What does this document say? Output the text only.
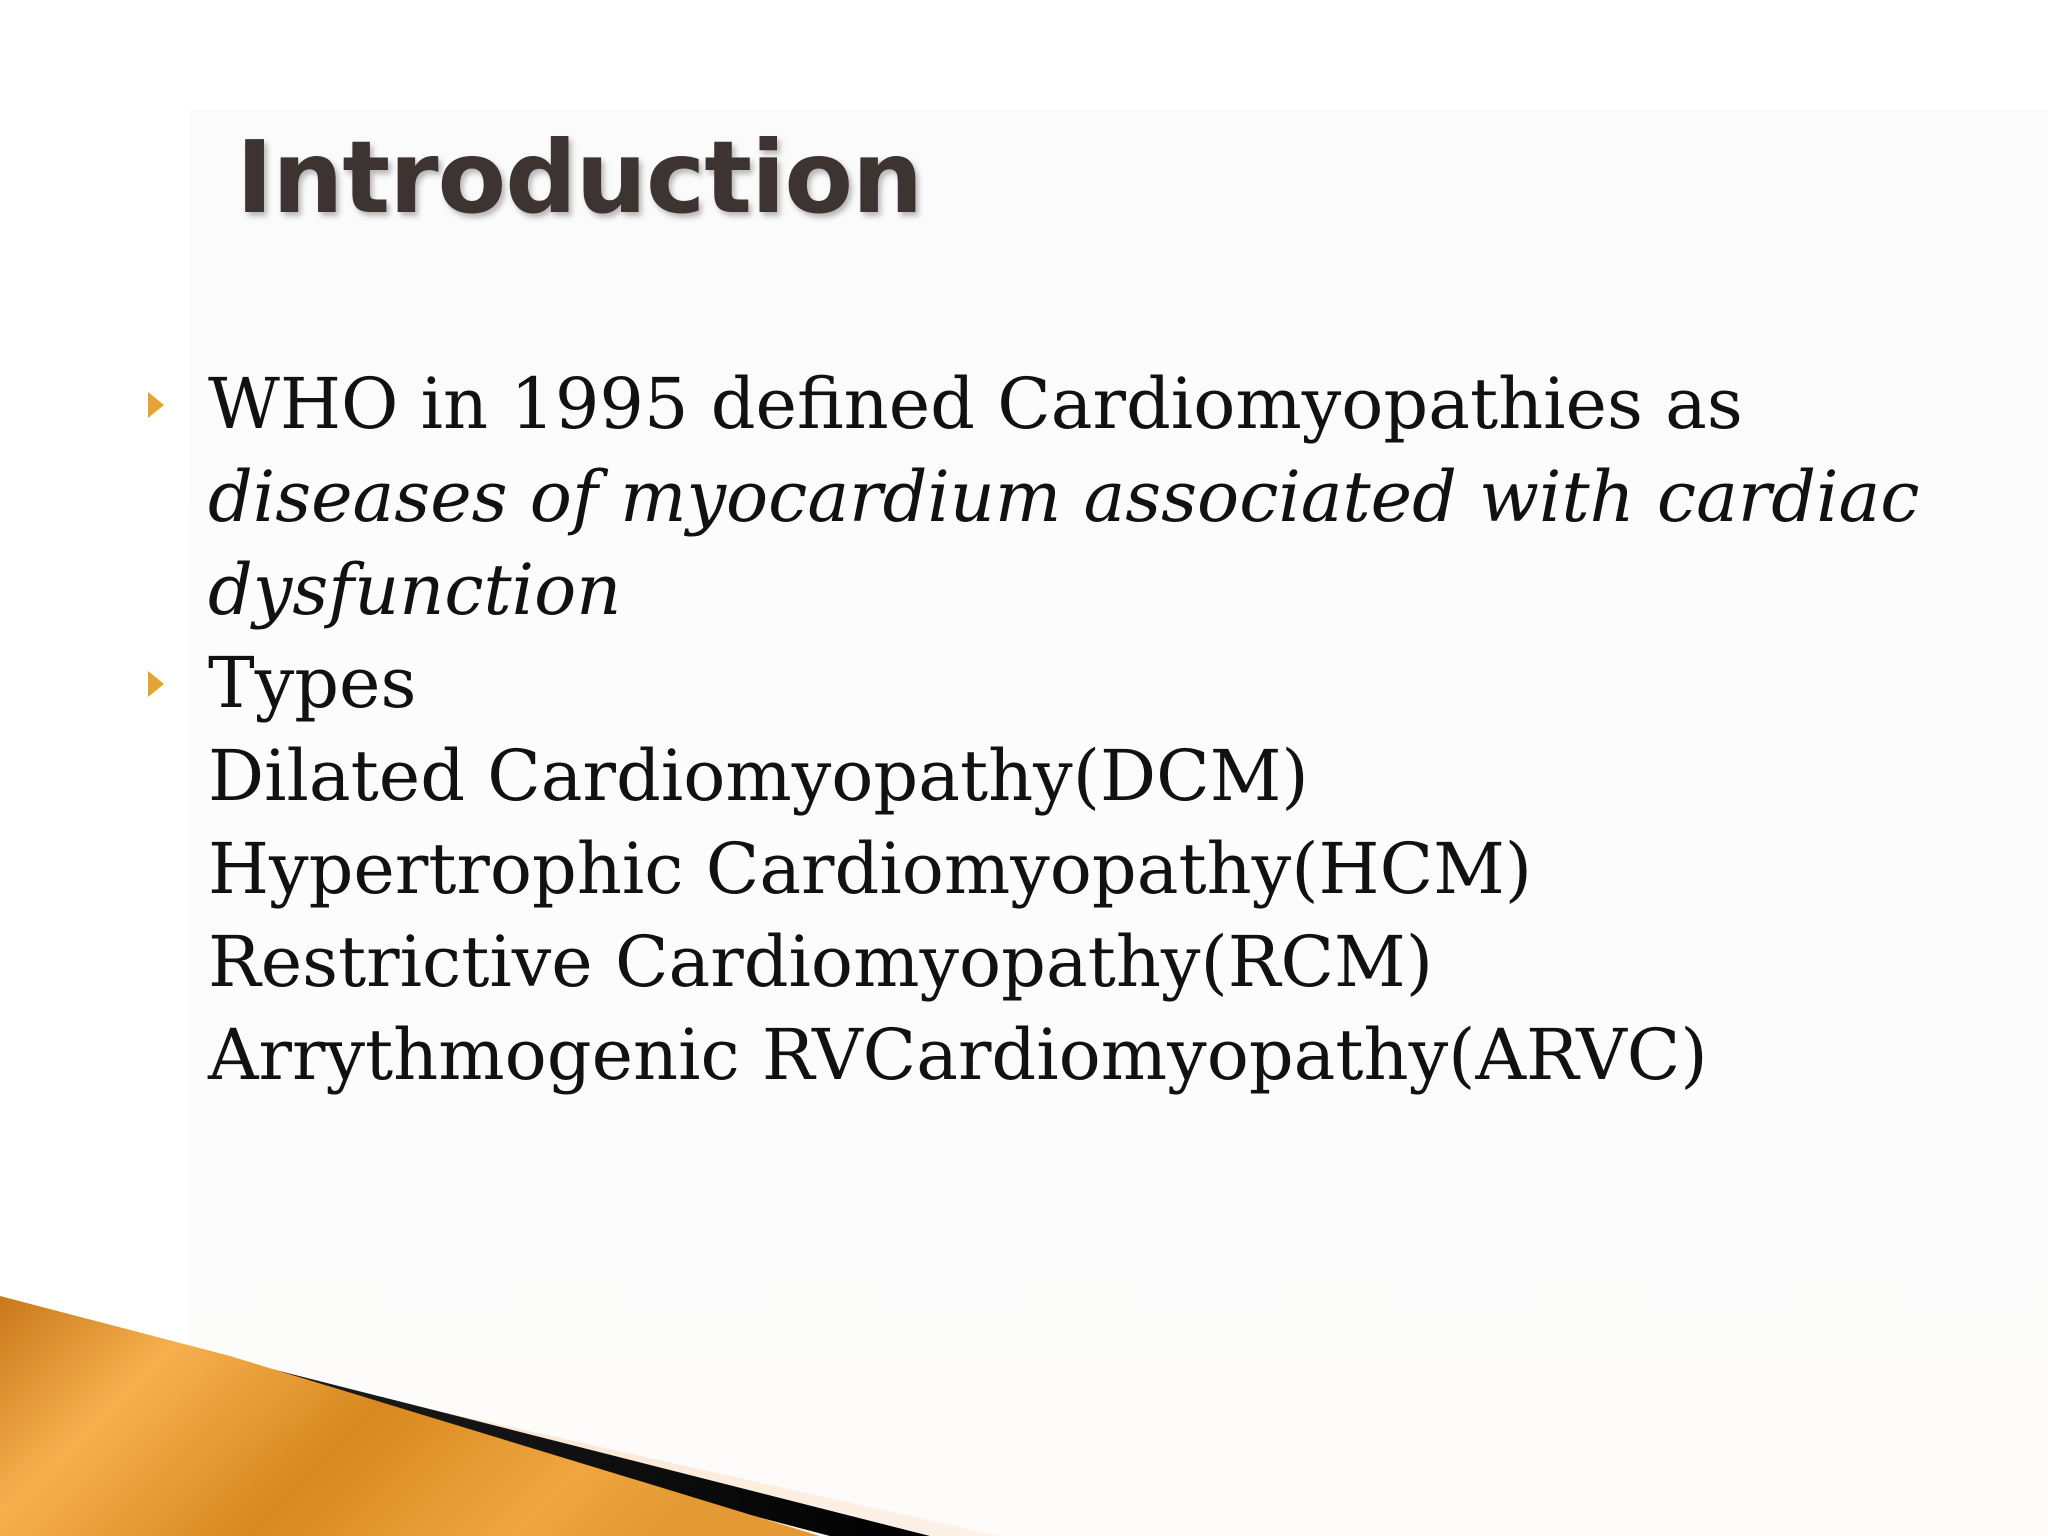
Introduction
WHO in 1995 defined Cardiomyopathies as
diseases of myocardium associated with cardiac
dysfunction
Types
Dilated Cardiomyopathy(DCM)
Hypertrophic Cardiomyopathy(HCM)
Restrictive Cardiomyopathy(RCM)
Arrythmogenic RVCardiomyopathy(ARVC)
